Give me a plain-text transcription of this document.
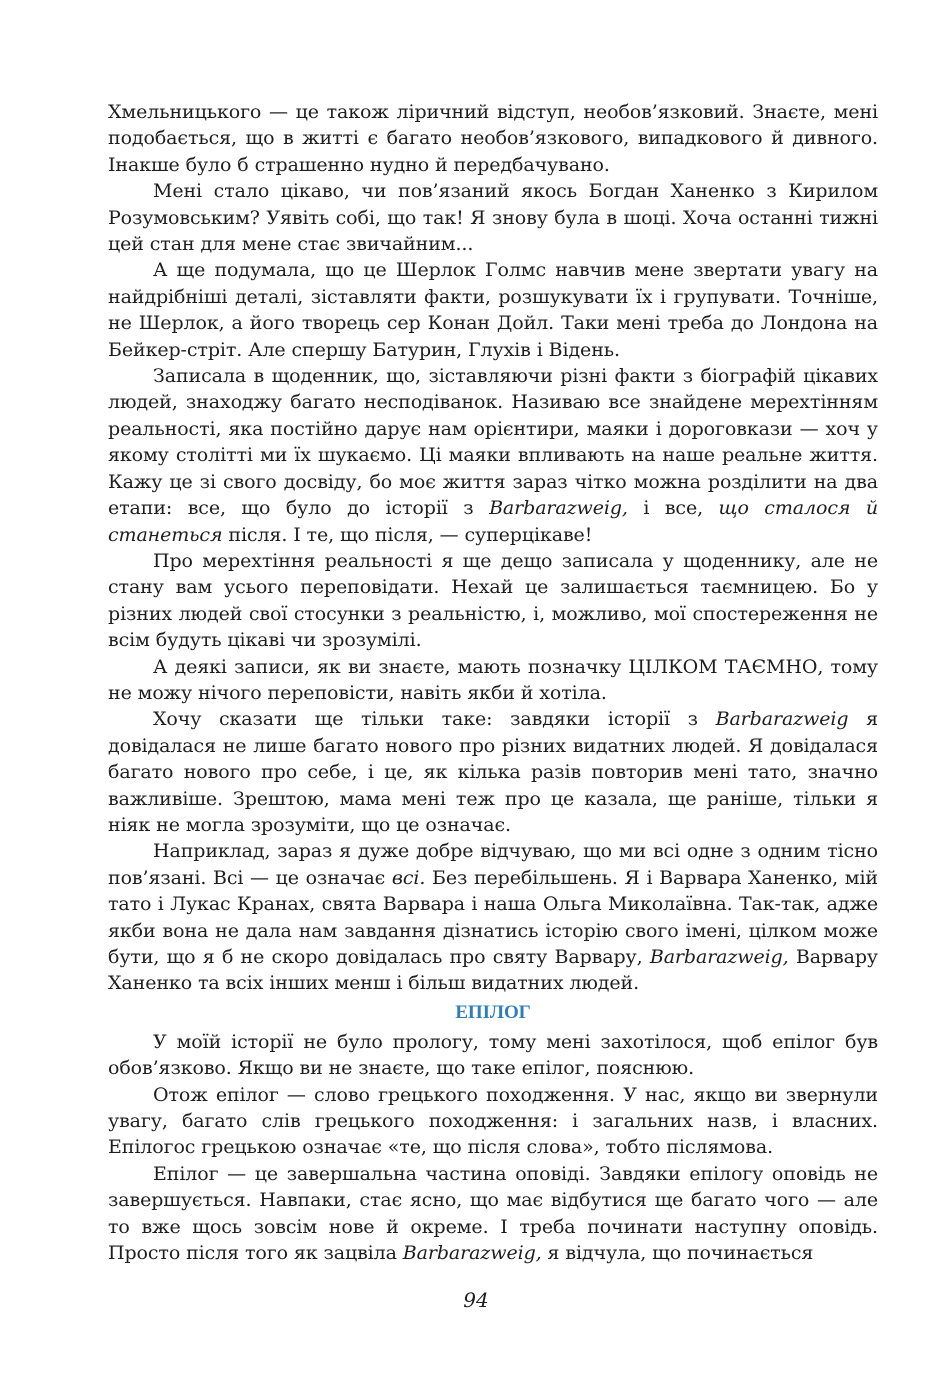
Хмельницького — це також ліричний відступ, необов’язковий. Знаєте, мені подобається, що в житті є багато необов’язкового, випадкового й дивного. Інакше було б страшенно нудно й передбачувано.

Мені стало цікаво, чи пов’язаний якось Богдан Ханенко з Кирилом Розумовським? Уявіть собі, що так! Я знову була в шоці. Хоча останні тижні цей стан для мене стає звичайним...

А ще подумала, що це Шерлок Голмс навчив мене звертати увагу на найдрібніші деталі, зіставляти факти, розшукувати їх і групувати. Точніше, не Шерлок, а його творець сер Конан Дойл. Таки мені треба до Лондона на Бейкер-стріт. Але спершу Батурин, Глухів і Відень.

Записала в щоденник, що, зіставляючи різні факти з біографій цікавих людей, знаходжу багато несподіванок. Називаю все знайдене мерехтінням реальності, яка постійно дарує нам орієнтири, маяки і дороговкази — хоч у якому столітті ми їх шукаємо. Ці маяки впливають на наше реальне життя. Кажу це зі свого досвіду, бо моє життя зараз чітко можна розділити на два етапи: все, що було до історії з Barbarazweig, і все, що сталося й станеться після. І те, що після, — суперцікаве!

Про мерехтіння реальності я ще дещо записала у щоденнику, але не стану вам усього переповідати. Нехай це залишається таємницею. Бо у різних людей свої стосунки з реальністю, і, можливо, мої спостереження не всім будуть цікаві чи зрозумілі.

А деякі записи, як ви знаєте, мають позначку ЦІЛКОМ ТАЄМНО, тому не можу нічого переповісти, навіть якби й хотіла.

Хочу сказати ще тільки таке: завдяки історії з Barbarazweig я довідалася не лише багато нового про різних видатних людей. Я довідалася багато нового про себе, і це, як кілька разів повторив мені тато, значно важливіше. Зрештою, мама мені теж про це казала, ще раніше, тільки я ніяк не могла зрозуміти, що це означає.

Наприклад, зараз я дуже добре відчуваю, що ми всі одне з одним тісно пов’язані. Всі — це означає всі. Без перебільшень. Я і Варвара Ханенко, мій тато і Лукас Кранах, свята Варвара і наша Ольга Миколаївна. Так-так, адже якби вона не дала нам завдання дізнатись історію свого імені, цілком може бути, що я б не скоро довідалась про святу Варвару, Barbarazweig, Варвару Ханенко та всіх інших менш і більш видатних людей.

ЕПІЛОГ

У моїй історії не було прологу, тому мені захотілося, щоб епілог був обов’язково. Якщо ви не знаєте, що таке епілог, пояснюю.

Отож епілог — слово грецького походження. У нас, якщо ви звернули увагу, багато слів грецького походження: і загальних назв, і власних. Епілогос грецькою означає «те, що після слова», тобто післямова.

Епілог — це завершальна частина оповіді. Завдяки епілогу оповідь не завершується. Навпаки, стає ясно, що має відбутися ще багато чого — але то вже щось зовсім нове й окреме. І треба починати наступну оповідь. Просто після того як зацвіла Barbarazweig, я відчула, що починається

94
